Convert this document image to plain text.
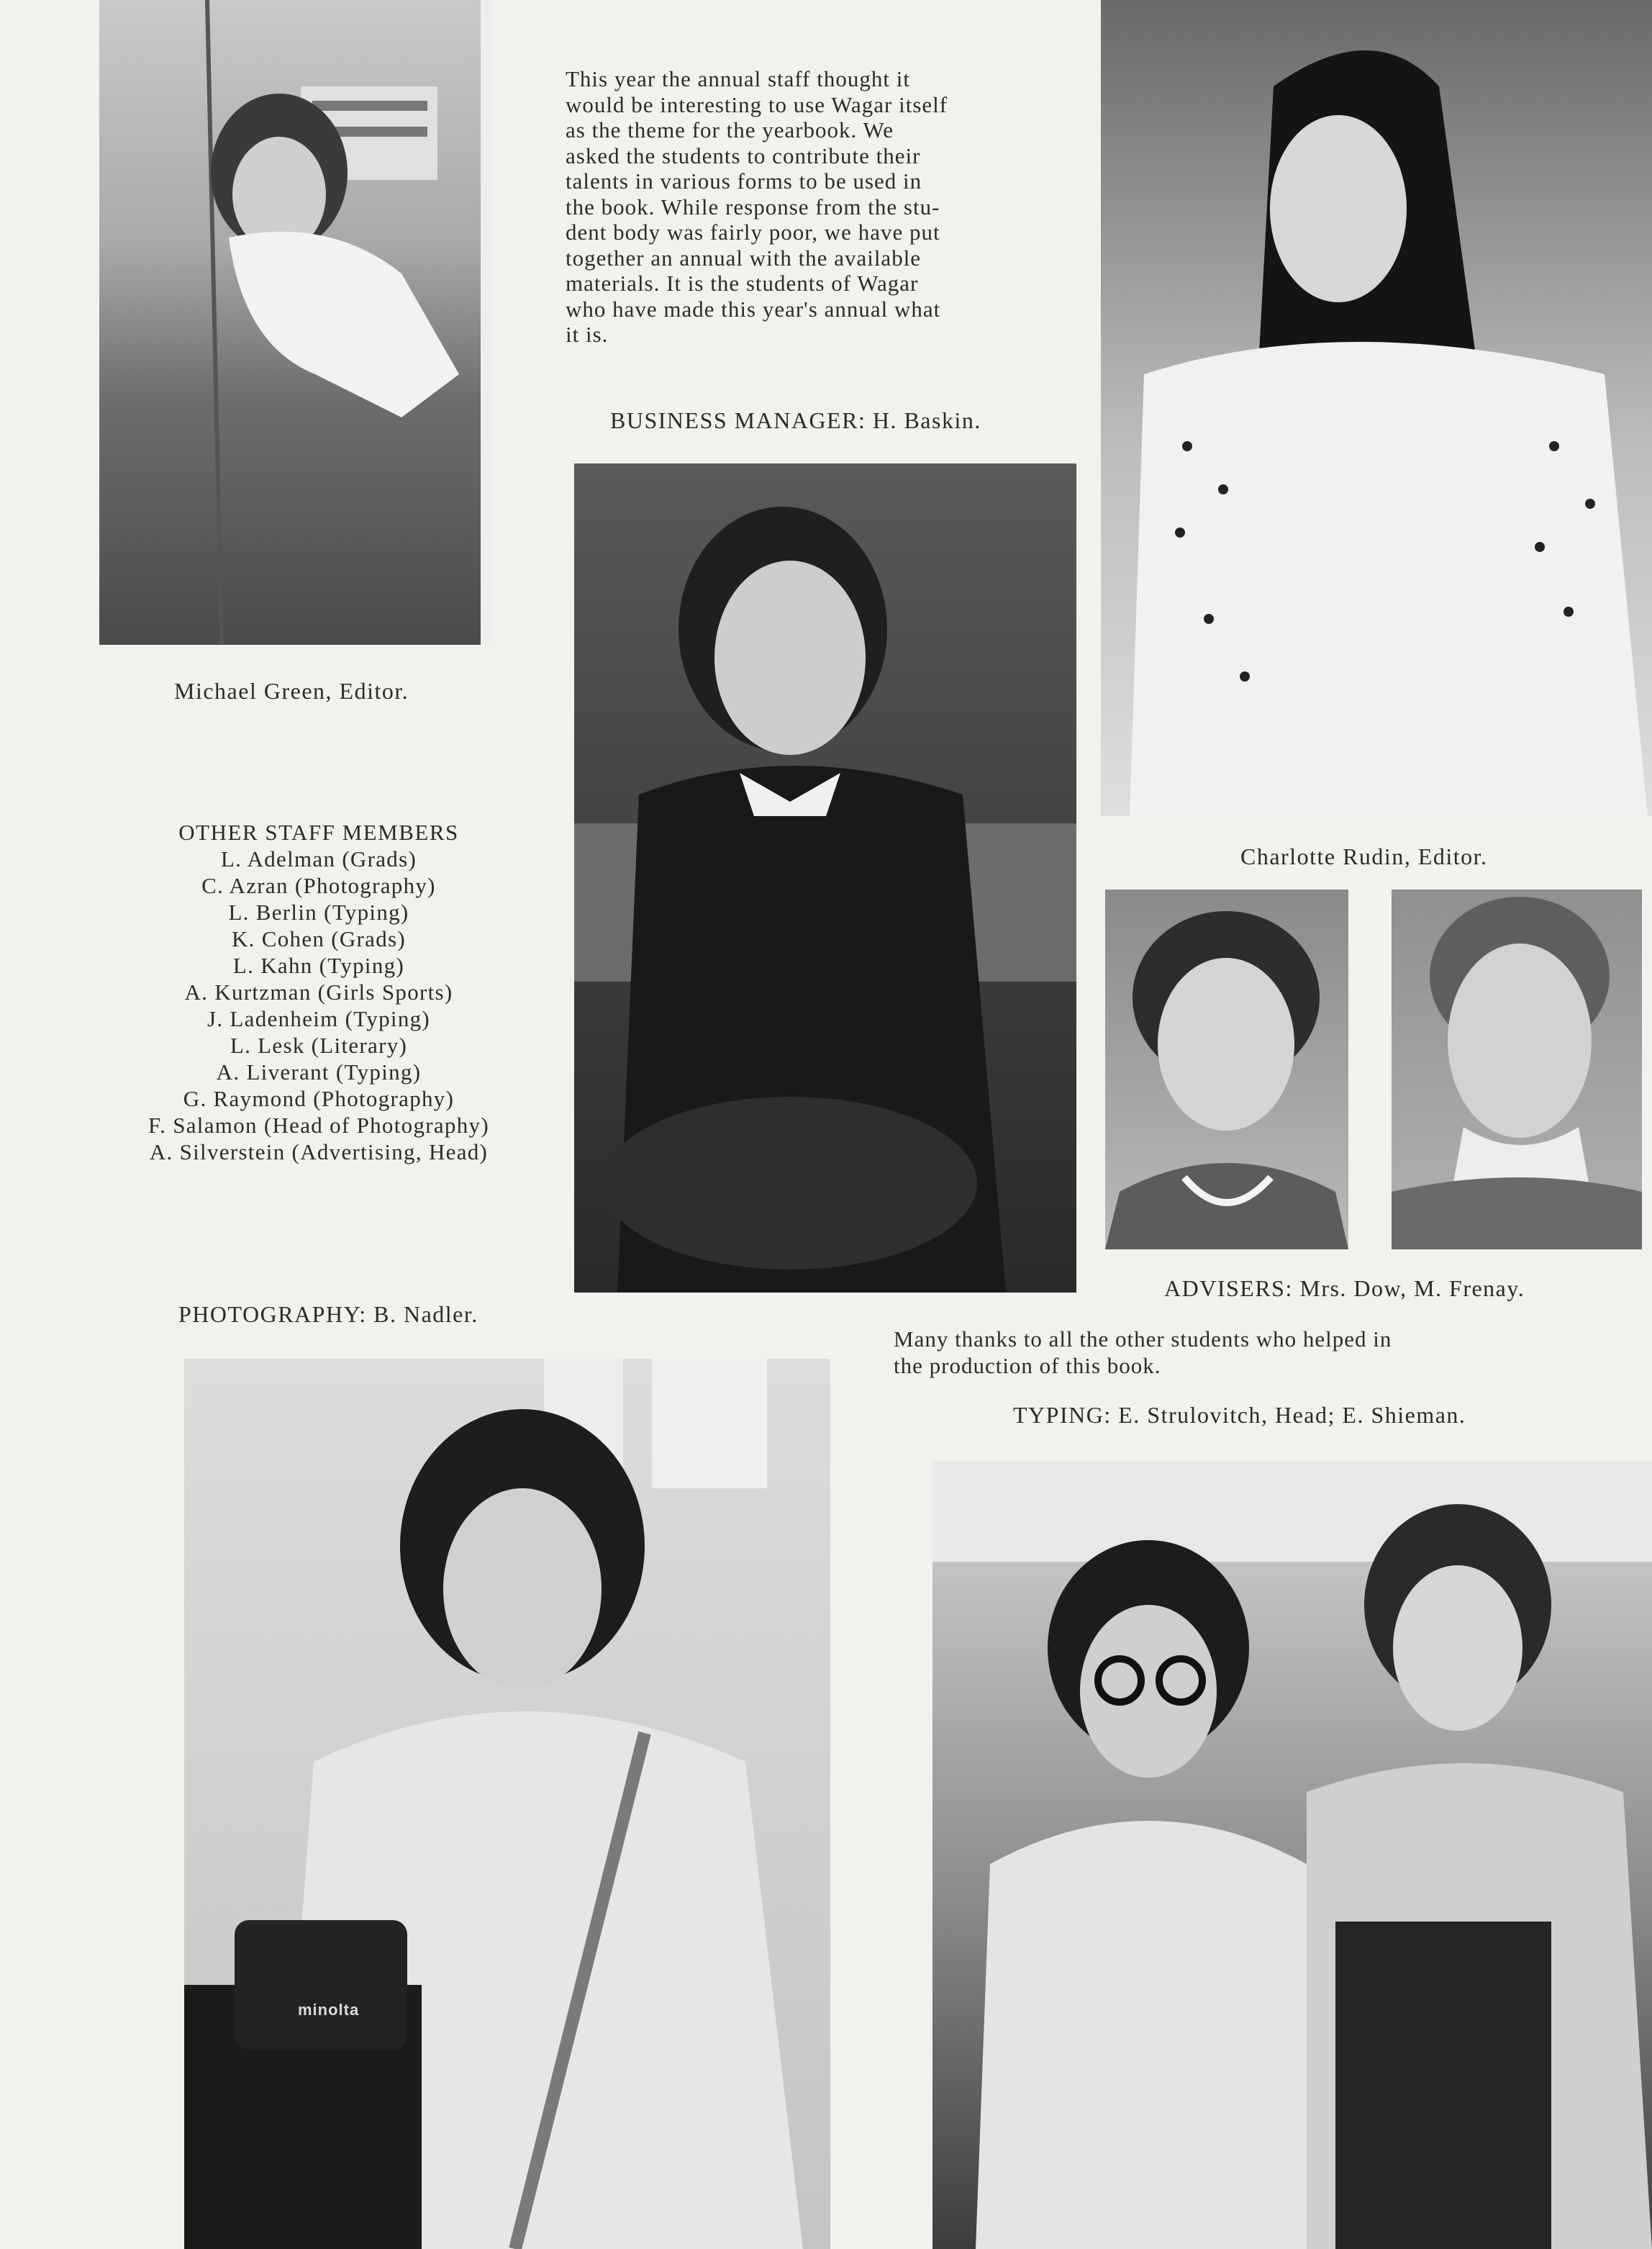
minolta

This year the annual staff thought it

would be interesting to use Wagar itself

as the theme for the yearbook. We

asked the students to contribute their

talents in various forms to be used in

the book. While response from the stu-

dent body was fairly poor, we have put

together an annual with the available

materials. It is the students of Wagar

who have made this year's annual what

it is.

BUSINESS MANAGER: H. Baskin.
Michael Green, Editor.
Charlotte Rudin, Editor.
OTHER STAFF MEMBERS
L. Adelman (Grads)
C. Azran (Photography)
L. Berlin (Typing)
K. Cohen (Grads)
L. Kahn (Typing)
A. Kurtzman (Girls Sports)
J. Ladenheim (Typing)
L. Lesk (Literary)
A. Liverant (Typing)
G. Raymond (Photography)
F. Salamon (Head of Photography)
A. Silverstein (Advertising, Head)
ADVISERS: Mrs. Dow, M. Frenay.
PHOTOGRAPHY: B. Nadler.

Many thanks to all the other students who helped in

the production of this book.

TYPING: E. Strulovitch, Head; E. Shieman.
